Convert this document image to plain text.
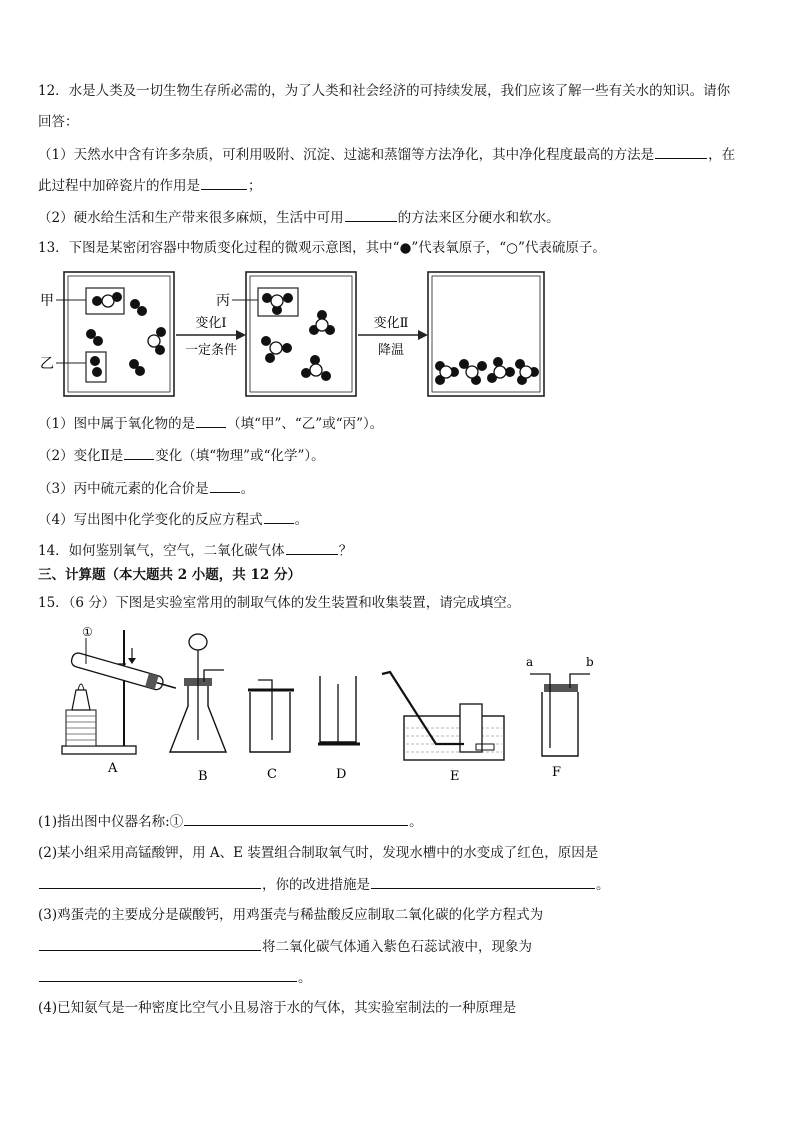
12．水是人类及一切生物生存所必需的，为了人类和社会经济的可持续发展，我们应该了解一些有关水的知识。请你
回答：
（1）天然水中含有许多杂质，可利用吸附、沉淀、过滤和蒸馏等方法净化，其中净化程度最高的方法是	，在
此过程中加碎瓷片的作用是	；
（2）硬水给生活和生产带来很多麻烦，生活中可用	的方法来区分硬水和软水。
13．下图是某密闭容器中物质变化过程的微观示意图，其中“●”代表氧原子，“○”代表硫原子。
甲
乙
变化Ⅰ
一定条件
丙
变化Ⅱ
降温
（1）图中属于氧化物的是 （填“甲”、“乙”或“丙”）。
（2）变化Ⅱ是 变化（填“物理”或“化学”）。
（3）丙中硫元素的化合价是 。
（4）写出图中化学变化的反应方程式 。
14．如何鉴别氧气，空气，二氧化碳气体	？
三、计算题（本大题共 2 小题，共 12 分）
15．（6 分）下图是实验室常用的制取气体的发生装置和收集装置，请完成填空。
①
A
B	C	D	E
a	b
F
(1)指出图中仪器名称:①	。
(2)某小组采用高锰酸钾，用 A、E 装置组合制取氧气时，发现水槽中的水变成了红色，原因是
，你的改进措施是	。
(3)鸡蛋壳的主要成分是碳酸钙，用鸡蛋壳与稀盐酸反应制取二氧化碳的化学方程式为
将二氧化碳气体通入紫色石蕊试液中，现象为
。
(4)已知氨气是一种密度比空气小且易溶于水的气体，其实验室制法的一种原理是
